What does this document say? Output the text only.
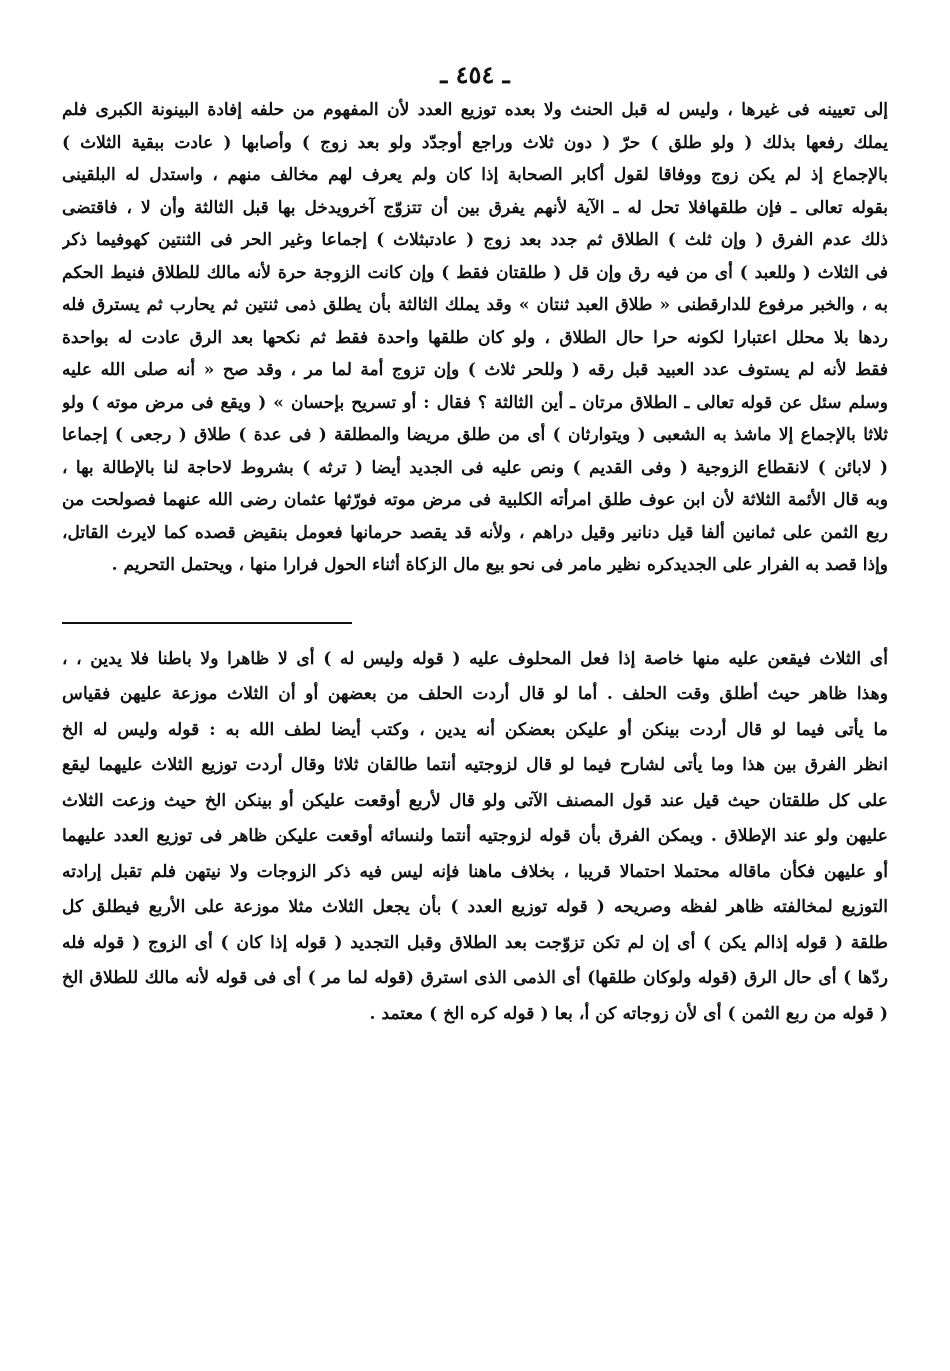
ـ ٤٥٤ ـ
إلى تعيينه فى غيرها ، وليس له قبل الحنث ولا بعده توزيع العدد لأن المفهوم من حلفه إفادة البينونة الكبرى فلم
يملك رفعها بذلك ( ولو طلق ) حرّ ( دون ثلاث وراجع أوجدّد ولو بعد زوج ) وأصابها ( عادت ببقية الثلاث )
بالإجماع إذ لم يكن زوج ووفاقا لقول أكابر الصحابة إذا كان ولم يعرف لهم مخالف منهم ، واستدل له البلقينى
بقوله تعالى ـ فإن طلقهافلا تحل له ـ الآية لأنهم يفرق بين أن تتزوّج آخرويدخل بها قبل الثالثة وأن لا ، فاقتضى
ذلك عدم الفرق ( وإن ثلث ) الطلاق ثم جدد بعد زوج ( عادتبثلاث ) إجماعا وغير الحر فى الثنتين كهوفيما ذكر
فى الثلاث ( وللعبد ) أى من فيه رق وإن قل ( طلقتان فقط ) وإن كانت الزوجة حرة لأنه مالك للطلاق فنيط الحكم
به ، والخبر مرفوع للدارقطنى « طلاق العبد ثنتان » وقد يملك الثالثة بأن يطلق ذمى ثنتين ثم يحارب ثم يسترق فله
ردها بلا محلل اعتبارا لكونه حرا حال الطلاق ، ولو كان طلقها واحدة فقط ثم نكحها بعد الرق عادت له بواحدة
فقط لأنه لم يستوف عدد العبيد قبل رقه ( وللحر ثلاث ) وإن تزوج أمة لما مر ، وقد صح « أنه صلى الله عليه
وسلم سئل عن قوله تعالى ـ الطلاق مرتان ـ أين الثالثة ؟ فقال : أو تسريح بإحسان » ( ويقع فى مرض موته ) ولو
ثلاثا بالإجماع إلا ماشذ به الشعبى ( ويتوارثان ) أى من طلق مريضا والمطلقة ( فى عدة ) طلاق ( رجعى ) إجماعا
( لابائن ) لانقطاع الزوجية ( وفى القديم ) ونص عليه فى الجديد أيضا ( ترثه ) بشروط لاحاجة لنا بالإطالة بها ،
وبه قال الأئمة الثلاثة لأن ابن عوف طلق امرأته الكلبية فى مرض موته فورّثها عثمان رضى الله عنهما فصولحت من
ربع الثمن على ثمانين ألفا قيل دنانير وقيل دراهم ، ولأنه قد يقصد حرمانها فعومل بنقيض قصده كما لايرث القاتل،
وإذا قصد به الفرار على الجديدكره نظير مامر فى نحو بيع مال الزكاة أثناء الحول فرارا منها ، ويحتمل التحريم .
أى الثلاث فيقعن عليه منها خاصة إذا فعل المحلوف عليه ( قوله وليس له ) أى لا ظاهرا ولا باطنا فلا يدين ، ،
وهذا ظاهر حيث أطلق وقت الحلف . أما لو قال أردت الحلف من بعضهن أو أن الثلاث موزعة عليهن فقياس
ما يأتى فيما لو قال أردت بينكن أو عليكن بعضكن أنه يدين ، وكتب أيضا لطف الله به : قوله وليس له الخ
انظر الفرق بين هذا وما يأتى لشارح فيما لو قال لزوجتيه أنتما طالقان ثلاثا وقال أردت توزيع الثلاث عليهما ليقع
على كل طلقتان حيث قيل عند قول المصنف الآتى ولو قال لأربع أوقعت عليكن أو بينكن الخ حيث وزعت الثلاث
عليهن ولو عند الإطلاق . ويمكن الفرق بأن قوله لزوجتيه أنتما ولنسائه أوقعت عليكن ظاهر فى توزيع العدد عليهما
أو عليهن فكأن ماقاله محتملا احتمالا قريبا ، بخلاف ماهنا فإنه ليس فيه ذكر الزوجات ولا نيتهن فلم تقبل إرادته
التوزيع لمخالفته ظاهر لفظه وصريحه ( قوله توزيع العدد ) بأن يجعل الثلاث مثلا موزعة على الأربع فيطلق كل
طلقة ( قوله إذالم يكن ) أى إن لم تكن تزوّجت بعد الطلاق وقبل التجديد ( قوله إذا كان ) أى الزوج ( قوله فله
ردّها ) أى حال الرق (قوله ولوكان طلقها) أى الذمى الذى استرق (قوله لما مر ) أى فى قوله لأنه مالك للطلاق الخ
( قوله من ربع الثمن ) أى لأن زوجاته كن أ، بعا ( قوله كره الخ ) معتمد .
